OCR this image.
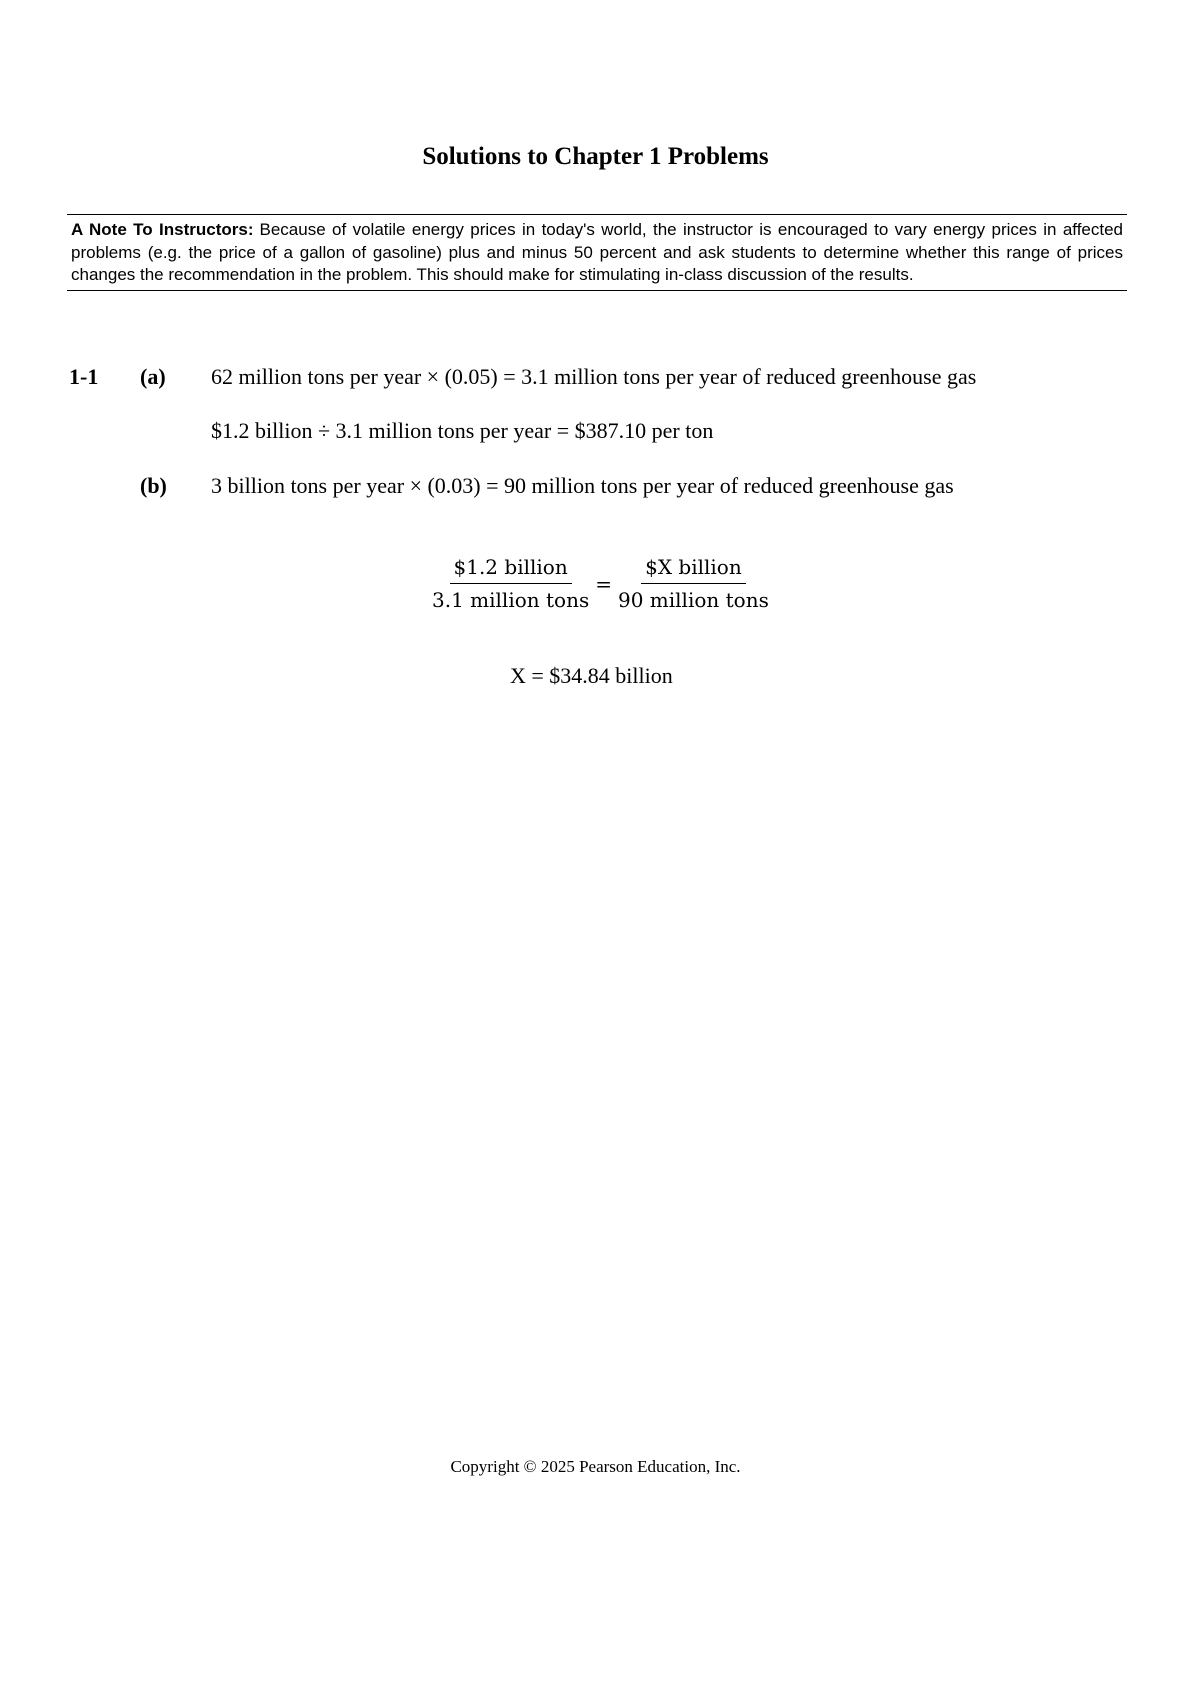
Solutions to Chapter 1 Problems
A Note To Instructors: Because of volatile energy prices in today's world, the instructor is encouraged to vary energy prices in affected problems (e.g. the price of a gallon of gasoline) plus and minus 50 percent and ask students to determine whether this range of prices changes the recommendation in the problem. This should make for stimulating in-class discussion of the results.
1-1 (a) 62 million tons per year × (0.05) = 3.1 million tons per year of reduced greenhouse gas
$1.2 billion ÷ 3.1 million tons per year = $387.10 per ton
(b) 3 billion tons per year × (0.03) = 90 million tons per year of reduced greenhouse gas
$\frac{\text{\$1.2 billion}}{\text{3.1 million tons}} = \frac{\text{\$X billion}}{\text{90 million tons}}$
X = $34.84 billion
Copyright © 2025 Pearson Education, Inc.
